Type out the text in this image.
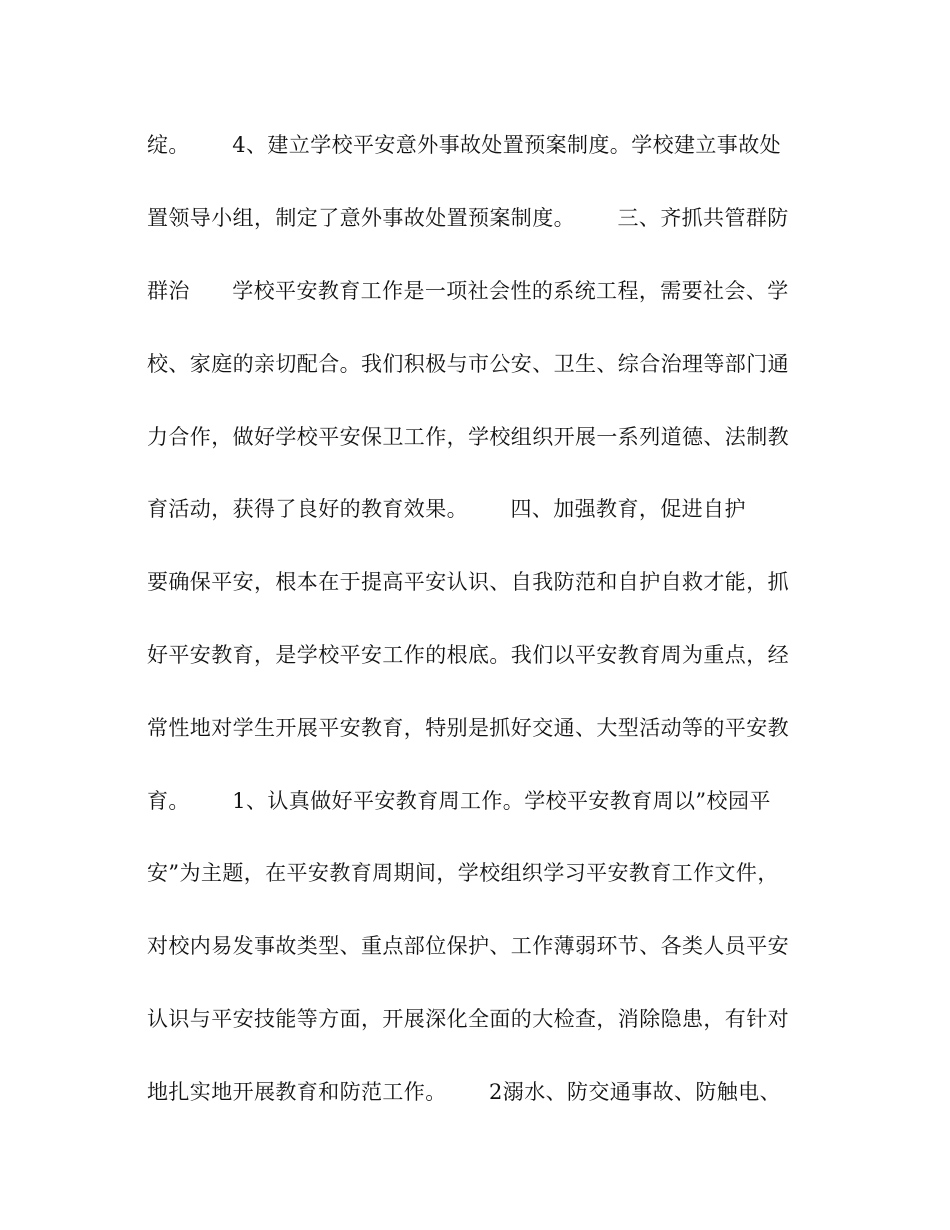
绽。      4、建立学校平安意外事故处置预案制度。学校建立事故处
置领导小组，制定了意外事故处置预案制度。      三、齐抓共管群防
群治      学校平安教育工作是一项社会性的系统工程，需要社会、学
校、家庭的亲切配合。我们积极与市公安、卫生、综合治理等部门通
力合作，做好学校平安保卫工作，学校组织开展一系列道德、法制教
育活动，获得了良好的教育效果。      四、加强教育，促进自护
要确保平安，根本在于提高平安认识、自我防范和自护自救才能，抓
好平安教育，是学校平安工作的根底。我们以平安教育周为重点，经
常性地对学生开展平安教育，特别是抓好交通、大型活动等的平安教
育。      1、认真做好平安教育周工作。学校平安教育周以”校园平
安”为主题，在平安教育周期间，学校组织学习平安教育工作文件，
对校内易发事故类型、重点部位保护、工作薄弱环节、各类人员平安
认识与平安技能等方面，开展深化全面的大检查，消除隐患，有针对
地扎实地开展教育和防范工作。      2溺水、防交通事故、防触电、
